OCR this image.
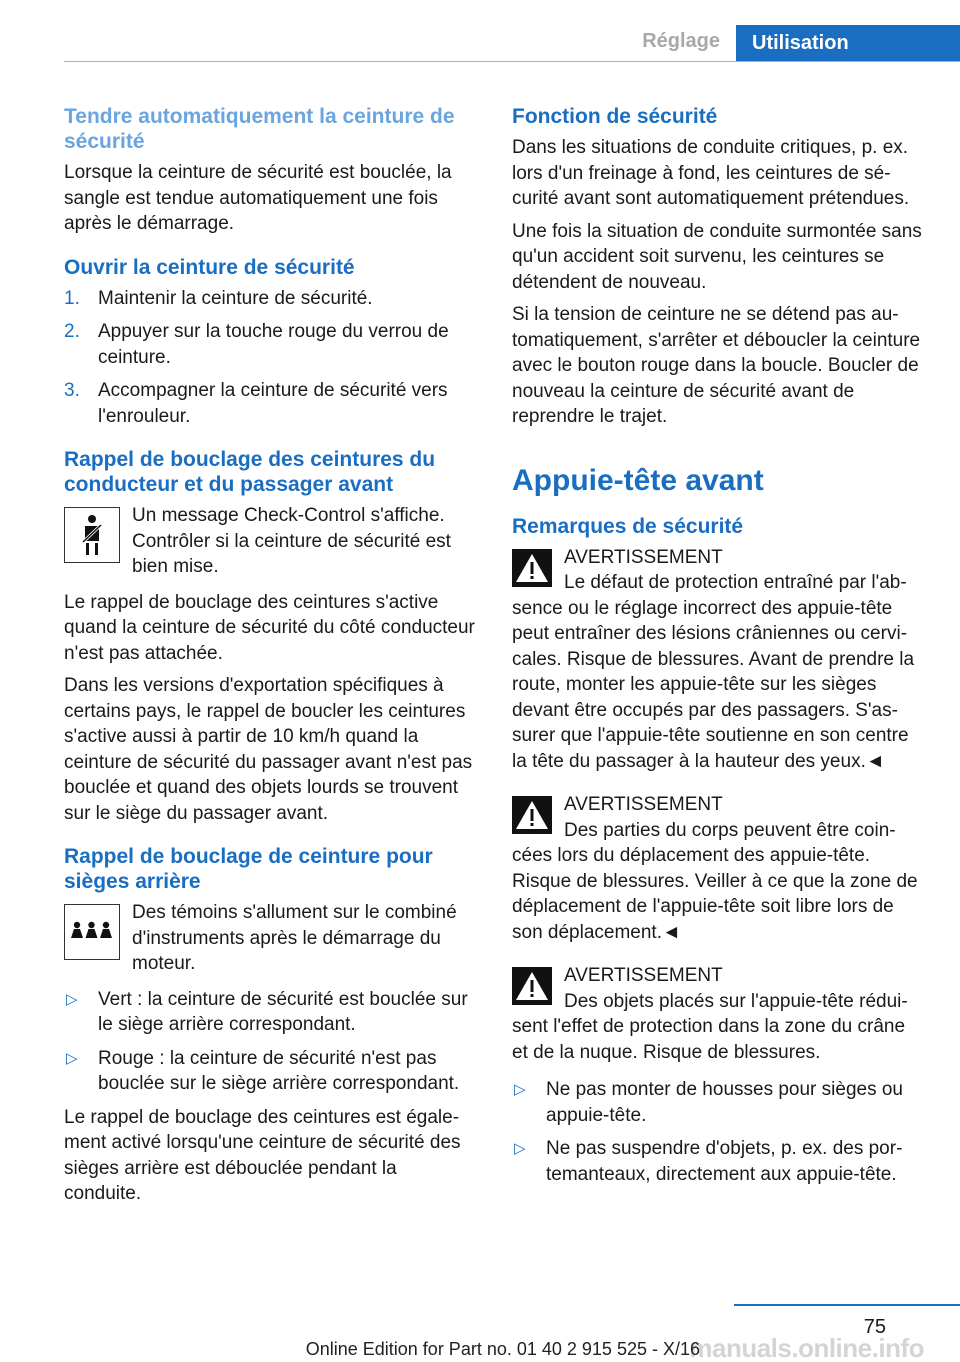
Réglage	Utilisation
Tendre automatiquement la ceinture de sécurité

Lorsque la ceinture de sécurité est bouclée, la sangle est tendue automatiquement une fois après le démarrage.

Ouvrir la ceinture de sécurité
1. Maintenir la ceinture de sécurité.
2. Appuyer sur la touche rouge du verrou de ceinture.
3. Accompagner la ceinture de sécurité vers l'enrouleur.
Rappel de bouclage des ceintures du conducteur et du passager avant
Un message Check-Control s'affiche. Contrôler si la ceinture de sécurité est bien mise.

Le rappel de bouclage des ceintures s'active quand la ceinture de sécurité du côté conducteur n'est pas attachée.

Dans les versions d'exportation spécifiques à certains pays, le rappel de boucler les ceintures s'active aussi à partir de 10 km/h quand la ceinture de sécurité du passager avant n'est pas bouclée et quand des objets lourds se trouvent sur le siège du passager avant.

Rappel de bouclage de ceinture pour sièges arrière
Des témoins s'allument sur le combiné d'instruments après le démarrage du moteur.
▷ Vert : la ceinture de sécurité est bouclée sur le siège arrière correspondant.
▷ Rouge : la ceinture de sécurité n'est pas bouclée sur le siège arrière correspondant.

Le rappel de bouclage des ceintures est également activé lorsqu'une ceinture de sécurité des sièges arrière est débouclée pendant la conduite.

Fonction de sécurité

Dans les situations de conduite critiques, p. ex. lors d'un freinage à fond, les ceintures de sécurité avant sont automatiquement prétendues.

Une fois la situation de conduite surmontée sans qu'un accident soit survenu, les ceintures se détendent de nouveau.

Si la tension de ceinture ne se détend pas automatiquement, s'arrêter et déboucler la ceinture avec le bouton rouge dans la boucle. Boucler de nouveau la ceinture de sécurité avant de reprendre le trajet.

Appuie-tête avant
Remarques de sécurité
AVERTISSEMENT
Le défaut de protection entraîné par l'absence ou le réglage incorrect des appuie-tête peut entraîner des lésions crâniennes ou cervicales. Risque de blessures. Avant de prendre la route, monter les appuie-tête sur les sièges devant être occupés par des passagers. S'assurer que l'appuie-tête soutienne en son centre la tête du passager à la hauteur des yeux.◄
AVERTISSEMENT
Des parties du corps peuvent être coincées lors du déplacement des appuie-tête. Risque de blessures. Veiller à ce que la zone de déplacement de l'appuie-tête soit libre lors de son déplacement.◄
AVERTISSEMENT
Des objets placés sur l'appuie-tête réduisent l'effet de protection dans la zone du crâne et de la nuque. Risque de blessures.
▷ Ne pas monter de housses pour sièges ou appuie-tête.
▷ Ne pas suspendre d'objets, p. ex. des portemanteaux, directement aux appuie-tête.
75
manuals.online.info
Online Edition for Part no. 01 40 2 915 525 - X/16
